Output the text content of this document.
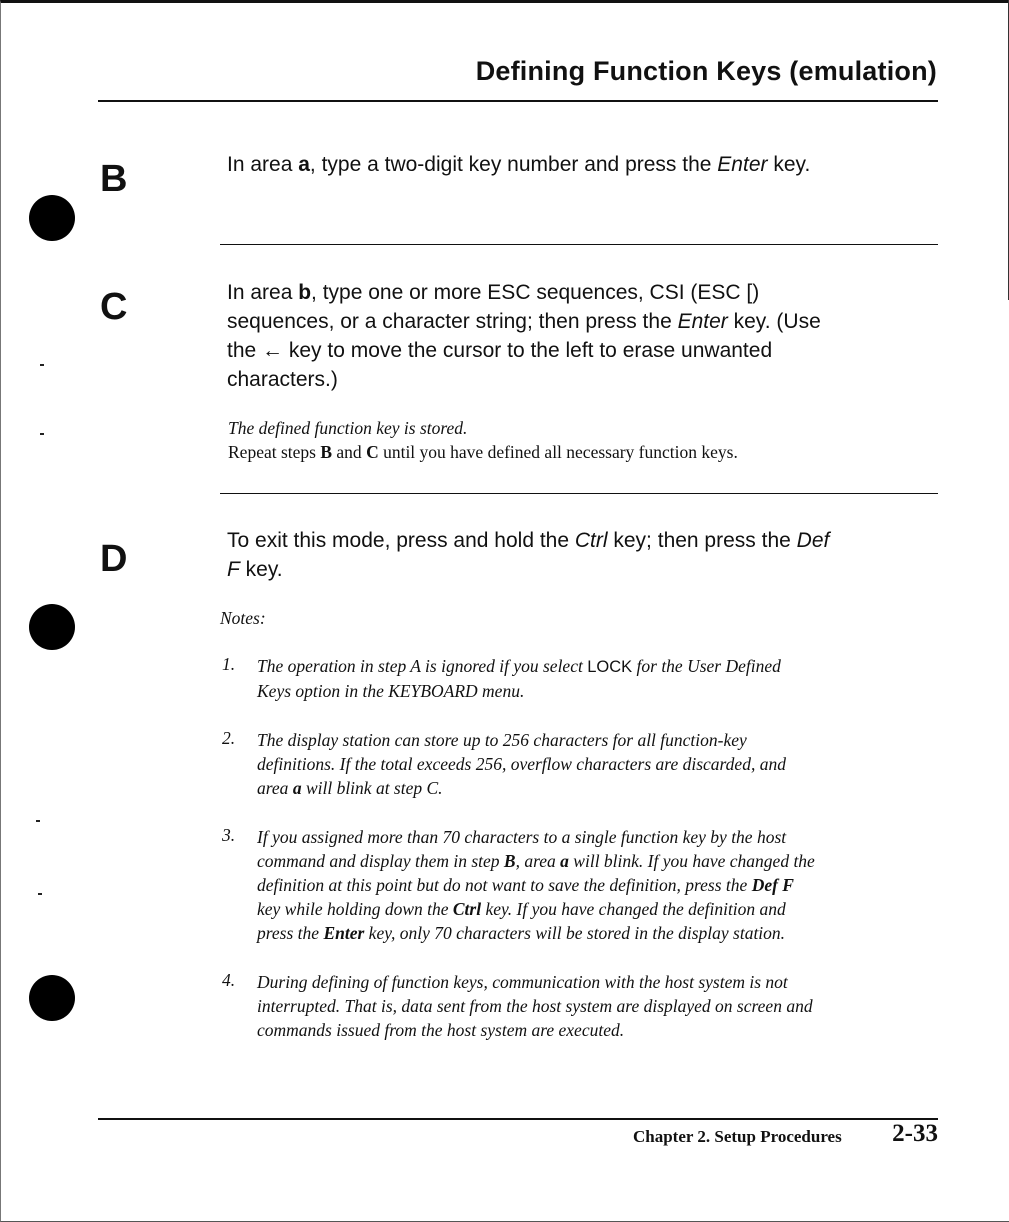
Defining Function Keys (emulation)
B	In area a, type a two-digit key number and press the Enter key.
C	In area b, type one or more ESC sequences, CSI (ESC [)
sequences, or a character string; then press the Enter key. (Use
the ← key to move the cursor to the left to erase unwanted
characters.)
The defined function key is stored.
Repeat steps B and C until you have defined all necessary function keys.
D	To exit this mode, press and hold the Ctrl key; then press the Def
F key.
Notes:
1. The operation in step A is ignored if you select LOCK for the User Defined
Keys option in the KEYBOARD menu.
2. The display station can store up to 256 characters for all function-key
definitions. If the total exceeds 256, overflow characters are discarded, and
area a will blink at step C.
3. If you assigned more than 70 characters to a single function key by the host
command and display them in step B, area a will blink. If you have changed the
definition at this point but do not want to save the definition, press the Def F
key while holding down the Ctrl key. If you have changed the definition and
press the Enter key, only 70 characters will be stored in the display station.
4. During defining of function keys, communication with the host system is not
interrupted. That is, data sent from the host system are displayed on screen and
commands issued from the host system are executed.
Chapter 2. Setup Procedures 2-33
